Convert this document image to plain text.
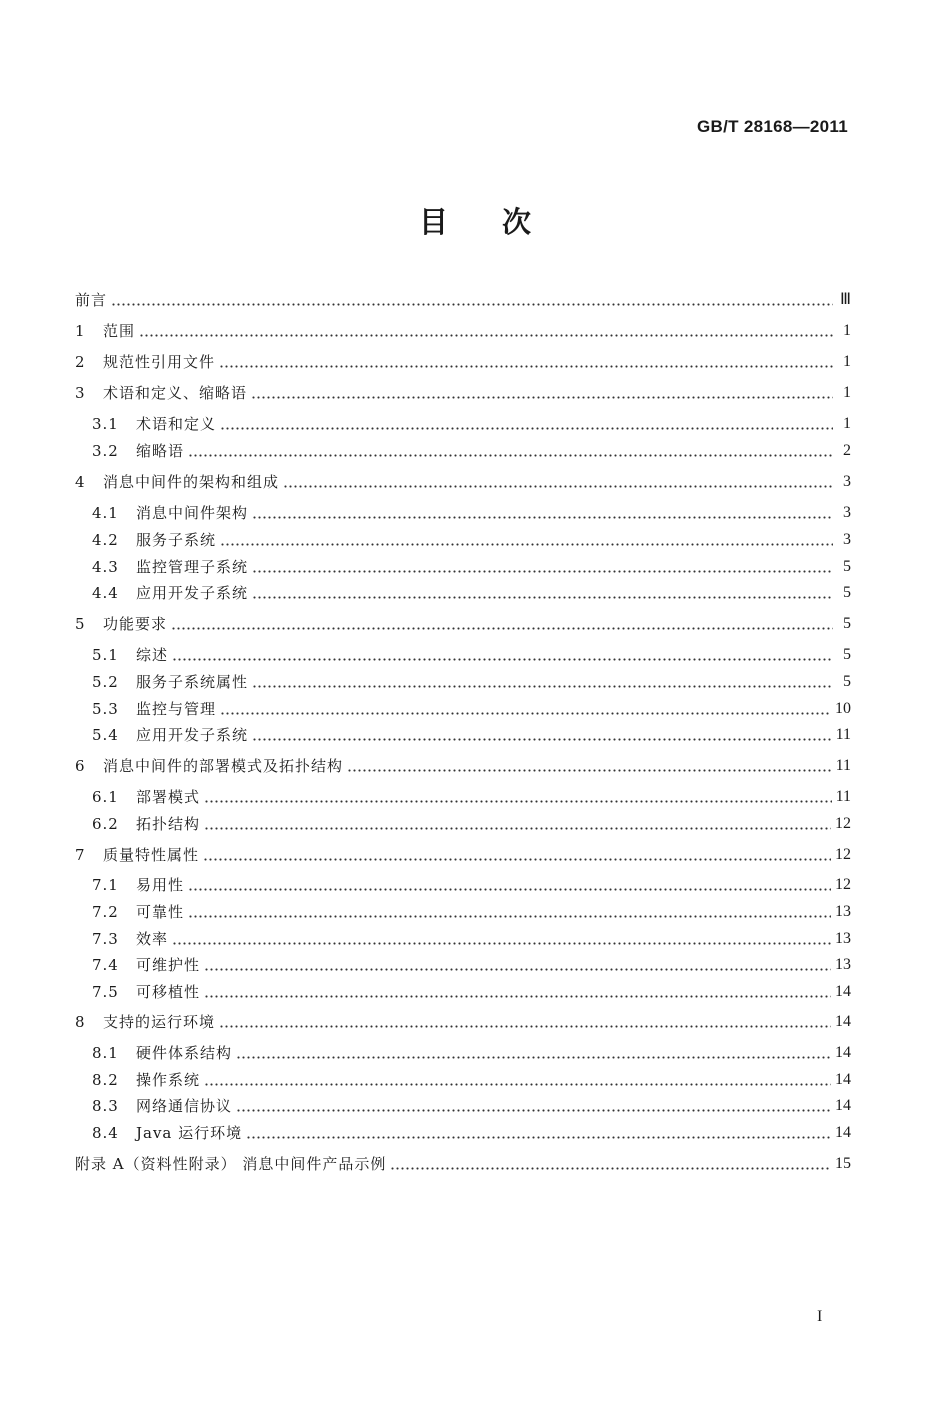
GB/T 28168—2011
目 次
前言	Ⅲ
1	范围	1
2	规范性引用文件	1
3	术语和定义、缩略语	1
3.1	术语和定义	1
3.2	缩略语	2
4	消息中间件的架构和组成	3
4.1	消息中间件架构	3
4.2	服务子系统	3
4.3	监控管理子系统	5
4.4	应用开发子系统	5
5	功能要求	5
5.1	综述	5
5.2	服务子系统属性	5
5.3	监控与管理	10
5.4	应用开发子系统	11
6	消息中间件的部署模式及拓扑结构	11
6.1	部署模式	11
6.2	拓扑结构	12
7	质量特性属性	12
7.1	易用性	12
7.2	可靠性	13
7.3	效率	13
7.4	可维护性	13
7.5	可移植性	14
8	支持的运行环境	14
8.1	硬件体系结构	14
8.2	操作系统	14
8.3	网络通信协议	14
8.4	Java 运行环境	14
附录 A（资料性附录） 消息中间件产品示例	15
I
